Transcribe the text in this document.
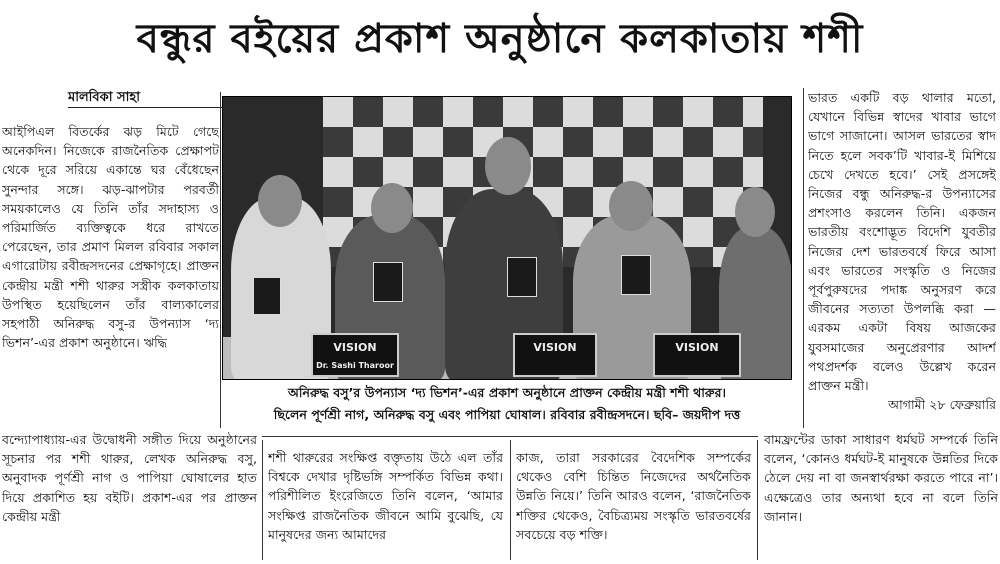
বন্ধুর বইয়ের প্রকাশ অনুষ্ঠানে কলকাতায় শশী
মালবিকা সাহা

আইপিএল বিতর্কের ঝড় মিটে গেছে অনেকদিন। নিজেকে রাজনৈতিক প্রেক্ষাপট থেকে দূরে সরিয়ে একান্তে ঘর বেঁধেছেন সুনন্দার সঙ্গে। ঝড়-ঝাপটার পরবর্তী সময়কালেও যে তিনি তাঁর সদাহাস্য ও পরিমার্জিত ব্যক্তিত্বকে ধরে রাখতে পেরেছেন, তার প্রমাণ মিলল রবিবার সকাল এগারোটায় রবীন্দ্রসদনের প্রেক্ষাগৃহে। প্রাক্তন কেন্দ্রীয় মন্ত্রী শশী থারুর সস্ত্রীক কলকাতায় উপস্থিত হয়েছিলেন তাঁর বাল্যকালের সহপাঠী অনিরুদ্ধ বসু-র উপন্যাস ‘দ্য ভিশন’-এর প্রকাশ অনুষ্ঠানে। ঋদ্ধি	VISION	VISION	VISION
Dr. Sashi Tharoor
অনিরুদ্ধ বসু’র উপন্যাস ‘দ্য ভিশন’-এর প্রকাশ অনুষ্ঠানে প্রাক্তন কেন্দ্রীয় মন্ত্রী শশী থারুর।
ছিলেন পূর্ণশ্রী নাগ, অনিরুদ্ধ বসু এবং পাপিয়া ঘোষাল। রবিবার রবীন্দ্রসদনে। ছবি– জয়দীপ দত্ত

ভারত একটি বড় থালার মতো, যেখানে বিভিন্ন স্বাদের খাবার ভাগে ভাগে সাজানো। আসল ভারতের স্বাদ নিতে হলে সবক’টি খাবার-ই মিশিয়ে চেখে দেখতে হবে।’ সেই প্রসঙ্গেই নিজের বন্ধু অনিরুদ্ধ-র উপন্যাসের প্রশংসাও করলেন তিনি। একজন ভারতীয় বংশোদ্ভূত বিদেশি যুবতীর নিজের দেশ ভারতবর্ষে ফিরে আসা এবং ভারতের সংস্কৃতি ও নিজের পূর্বপুরুষদের পদাঙ্ক অনুসরণ করে জীবনের সত্যতা উপলব্ধি করা — এরকম একটা বিষয় আজকের যুবসমাজের অনুপ্রেরণার আদর্শ পথপ্রদর্শক বলেও উল্লেখ করেন প্রাক্তন মন্ত্রী।

আগামী ২৮ ফেব্রুয়ারি

বন্দ্যোপাধ্যায়-এর উদ্বোধনী সঙ্গীত দিয়ে অনুষ্ঠানের সূচনার পর শশী থারুর, লেখক অনিরুদ্ধ বসু, অনুবাদক পূর্ণশ্রী নাগ ও পাপিয়া ঘোষালের হাত দিয়ে প্রকাশিত হয় বইটি। প্রকাশ-এর পর প্রাক্তন কেন্দ্রীয় মন্ত্রী

শশী থারুরের সংক্ষিপ্ত বক্তৃতায় উঠে এল তাঁর বিশ্বকে দেখার দৃষ্টিভঙ্গি সম্পর্কিত বিভিন্ন কথা। পরিশীলিত ইংরেজিতে তিনি বলেন, ‘আমার সংক্ষিপ্ত রাজনৈতিক জীবনে আমি বুঝেছি, যে মানুষদের জন্য আমাদের

কাজ, তারা সরকারের বৈদেশিক সম্পর্কের থেকেও বেশি চিন্তিত নিজেদের অর্থনৈতিক উন্নতি নিয়ে।’ তিনি আরও বলেন, ‘রাজনৈতিক শক্তির থেকেও, বৈচিত্র্যময় সংস্কৃতি ভারতবর্ষের সবচেয়ে বড় শক্তি।

বামফ্রন্টের ডাকা সাধারণ ধর্মঘট সম্পর্কে তিনি বলেন, ‘কোনও ধর্মঘট-ই মানুষকে উন্নতির দিকে ঠেলে দেয় না বা জনস্বার্থরক্ষা করতে পারে না’। এক্ষেত্রেও তার অন্যথা হবে না বলে তিনি জানান।
